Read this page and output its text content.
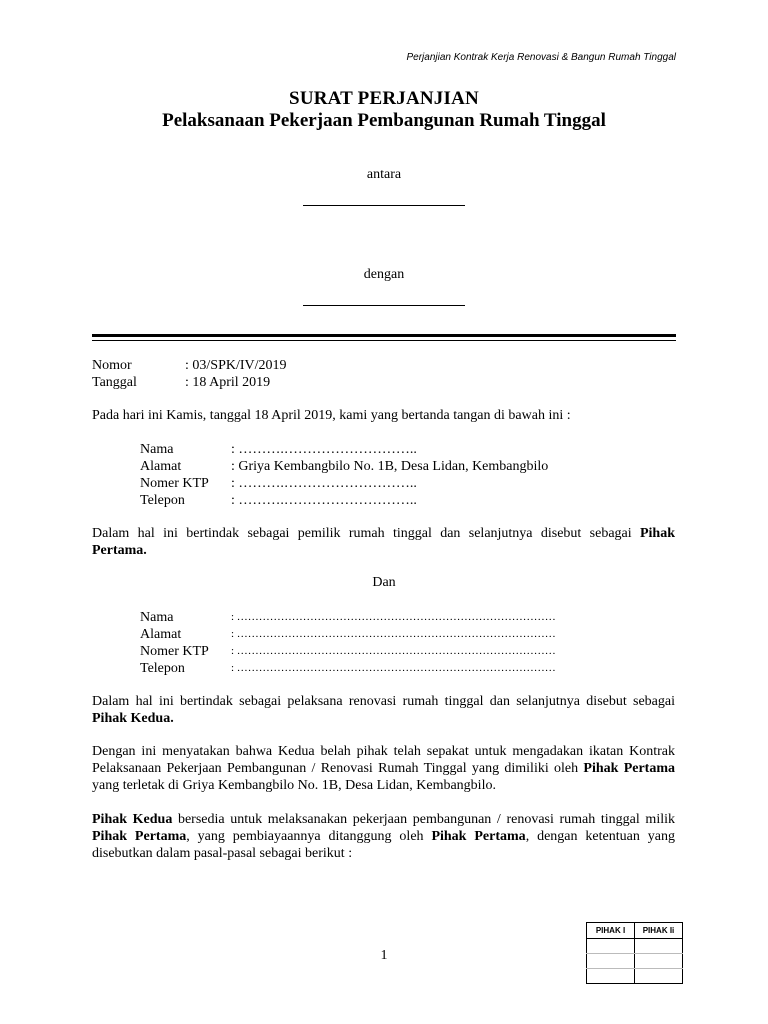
Perjanjian Kontrak Kerja Renovasi & Bangun Rumah Tinggal
SURAT PERJANJIAN
Pelaksanaan Pekerjaan Pembangunan Rumah Tinggal
antara
dengan
Nomor	: 03/SPK/IV/2019
Tanggal	: 18 April 2019
Pada hari ini Kamis, tanggal 18 April 2019, kami yang bertanda tangan di bawah ini :
Nama	: ……….………………………..
Alamat	: Griya Kembangbilo No. 1B, Desa Lidan, Kembangbilo
Nomer KTP : ……….………………………..
Telepon	: ……….………………………..
Dalam hal ini bertindak sebagai pemilik rumah tinggal dan selanjutnya disebut sebagai Pihak Pertama.
Dan
Nama	: ……………………………………………………………………………
Alamat	: ……………………………………………………………………………
Nomer KTP : ……………………………………………………………………………
Telepon	: ……………………………………………………………………………
Dalam hal ini bertindak sebagai pelaksana renovasi rumah tinggal dan selanjutnya disebut sebagai Pihak Kedua.
Dengan ini menyatakan bahwa Kedua belah pihak telah sepakat untuk mengadakan ikatan Kontrak Pelaksanaan Pekerjaan Pembangunan / Renovasi Rumah Tinggal yang dimiliki oleh Pihak Pertama yang terletak di Griya Kembangbilo No. 1B, Desa Lidan, Kembangbilo.
Pihak Kedua bersedia untuk melaksanakan pekerjaan pembangunan / renovasi rumah tinggal milik Pihak Pertama, yang pembiayaannya ditanggung oleh Pihak Pertama, dengan ketentuan yang disebutkan dalam pasal-pasal sebagai berikut :
1
PIHAK I	PIHAK Ii
